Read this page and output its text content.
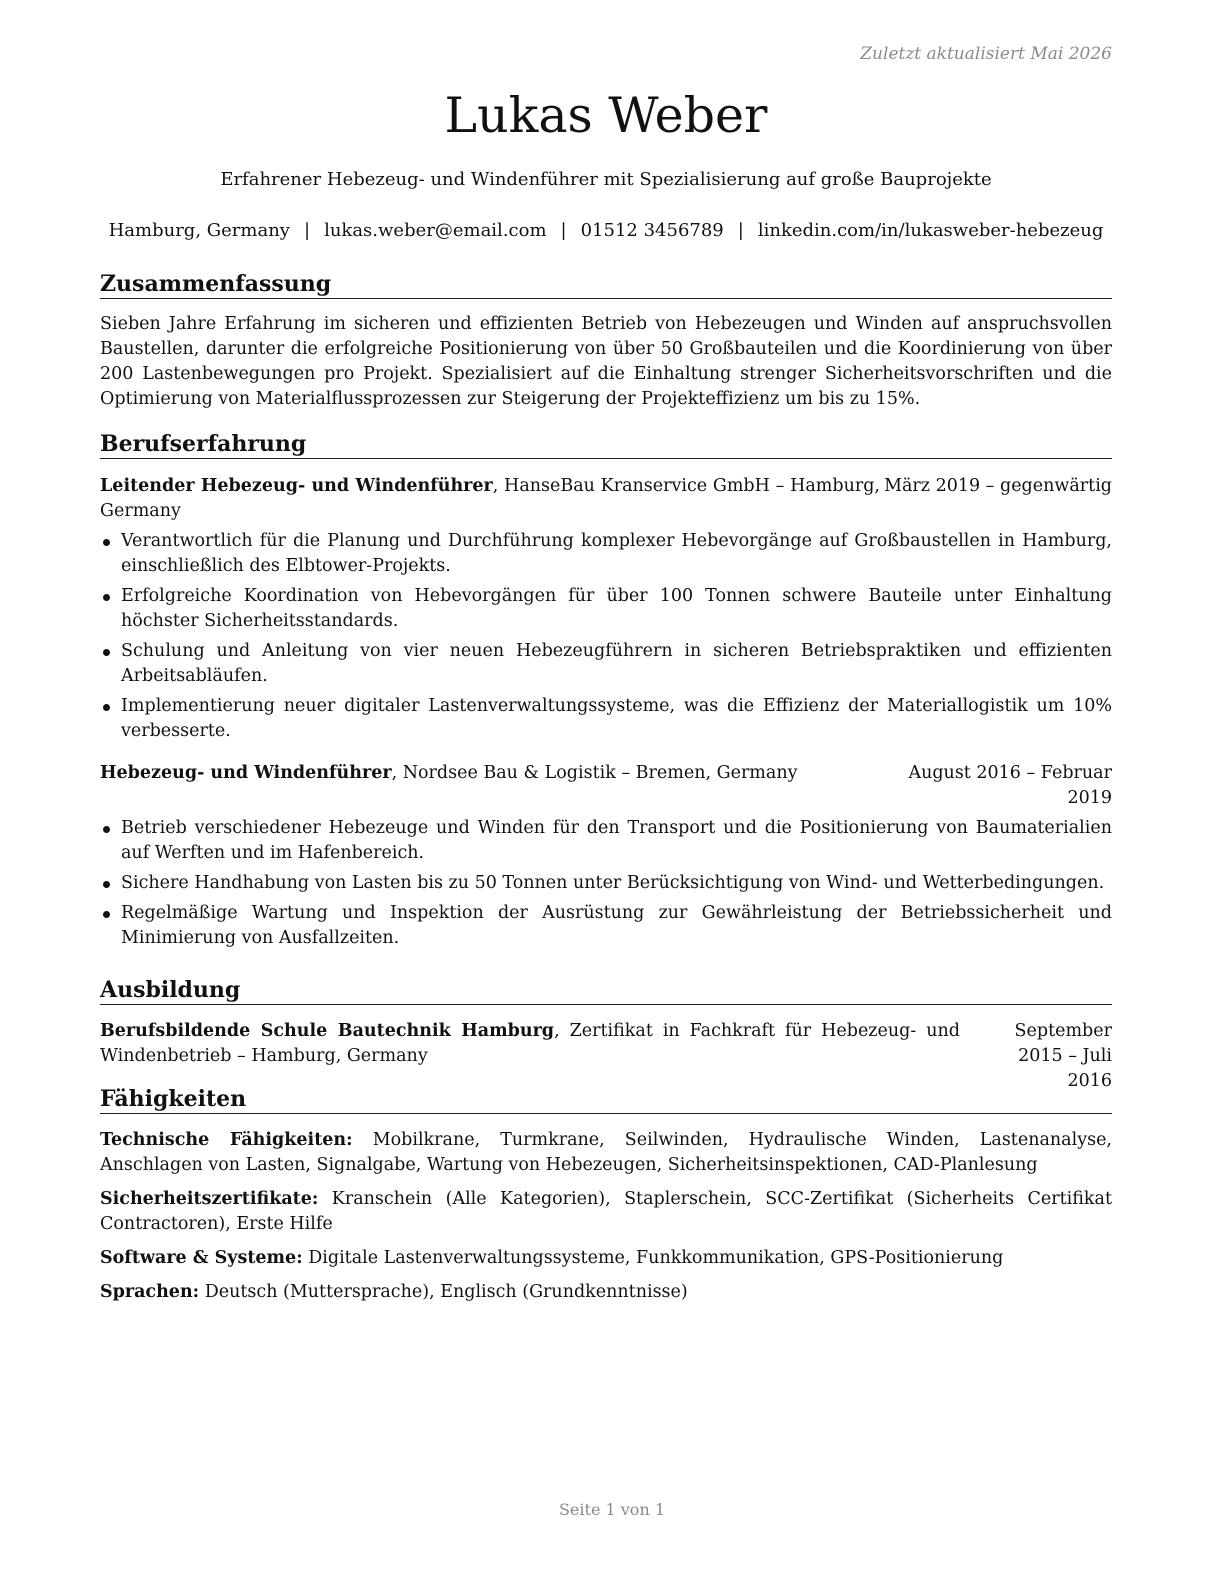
Zuletzt aktualisiert Mai 2026
Lukas Weber
Erfahrener Hebezeug- und Windenführer mit Spezialisierung auf große Bauprojekte
Hamburg, Germany | lukas.weber@email.com | 01512 3456789 | linkedin.com/in/lukasweber-hebezeug
Zusammenfassung

Sieben Jahre Erfahrung im sicheren und effizienten Betrieb von Hebezeugen und Winden auf anspruchsvollen Baustellen, darunter die erfolgreiche Positionierung von über 50 Großbauteilen und die Koordinierung von über 200 Lastenbewegungen pro Projekt. Spezialisiert auf die Einhaltung strenger Sicherheitsvorschriften und die Optimierung von Materialflussprozessen zur Steigerung der Projekteffizienz um bis zu 15%.

Berufserfahrung
Leitender Hebezeug- und Windenführer, HanseBau Kranservice GmbH – Hamburg, Germany
März 2019 – gegenwärtig
Verantwortlich für die Planung und Durchführung komplexer Hebevorgänge auf Großbaustellen in Hamburg, einschließlich des Elbtower-Projekts.
Erfolgreiche Koordination von Hebevorgängen für über 100 Tonnen schwere Bauteile unter Einhaltung höchster Sicherheitsstandards.
Schulung und Anleitung von vier neuen Hebezeugführern in sicheren Betriebspraktiken und effizienten Arbeitsabläufen.
Implementierung neuer digitaler Lastenverwaltungssysteme, was die Effizienz der Materiallogistik um 10% verbesserte.
Hebezeug- und Windenführer, Nordsee Bau & Logistik – Bremen, Germany	August 2016 – Februar 2019
Betrieb verschiedener Hebezeuge und Winden für den Transport und die Positionierung von Baumaterialien auf Werften und im Hafenbereich.
Sichere Handhabung von Lasten bis zu 50 Tonnen unter Berücksichtigung von Wind- und Wetterbedingungen.
Regelmäßige Wartung und Inspektion der Ausrüstung zur Gewährleistung der Betriebssicherheit und Minimierung von Ausfallzeiten.
Ausbildung
Berufsbildende Schule Bautechnik Hamburg, Zertifikat in Fachkraft für Hebezeug- und Windenbetrieb – Hamburg, Germany
September 2015 – Juli 2016
Fähigkeiten

Technische Fähigkeiten: Mobilkrane, Turmkrane, Seilwinden, Hydraulische Winden, Lastenanalyse, Anschlagen von Lasten, Signalgabe, Wartung von Hebezeugen, Sicherheitsinspektionen, CAD-Planlesung

Sicherheitszertifikate: Kranschein (Alle Kategorien), Staplerschein, SCC-Zertifikat (Sicherheits Certifikat Contractoren), Erste Hilfe

Software & Systeme: Digitale Lastenverwaltungssysteme, Funkkommunikation, GPS-Positionierung

Sprachen: Deutsch (Muttersprache), Englisch (Grundkenntnisse)

Seite 1 von 1
